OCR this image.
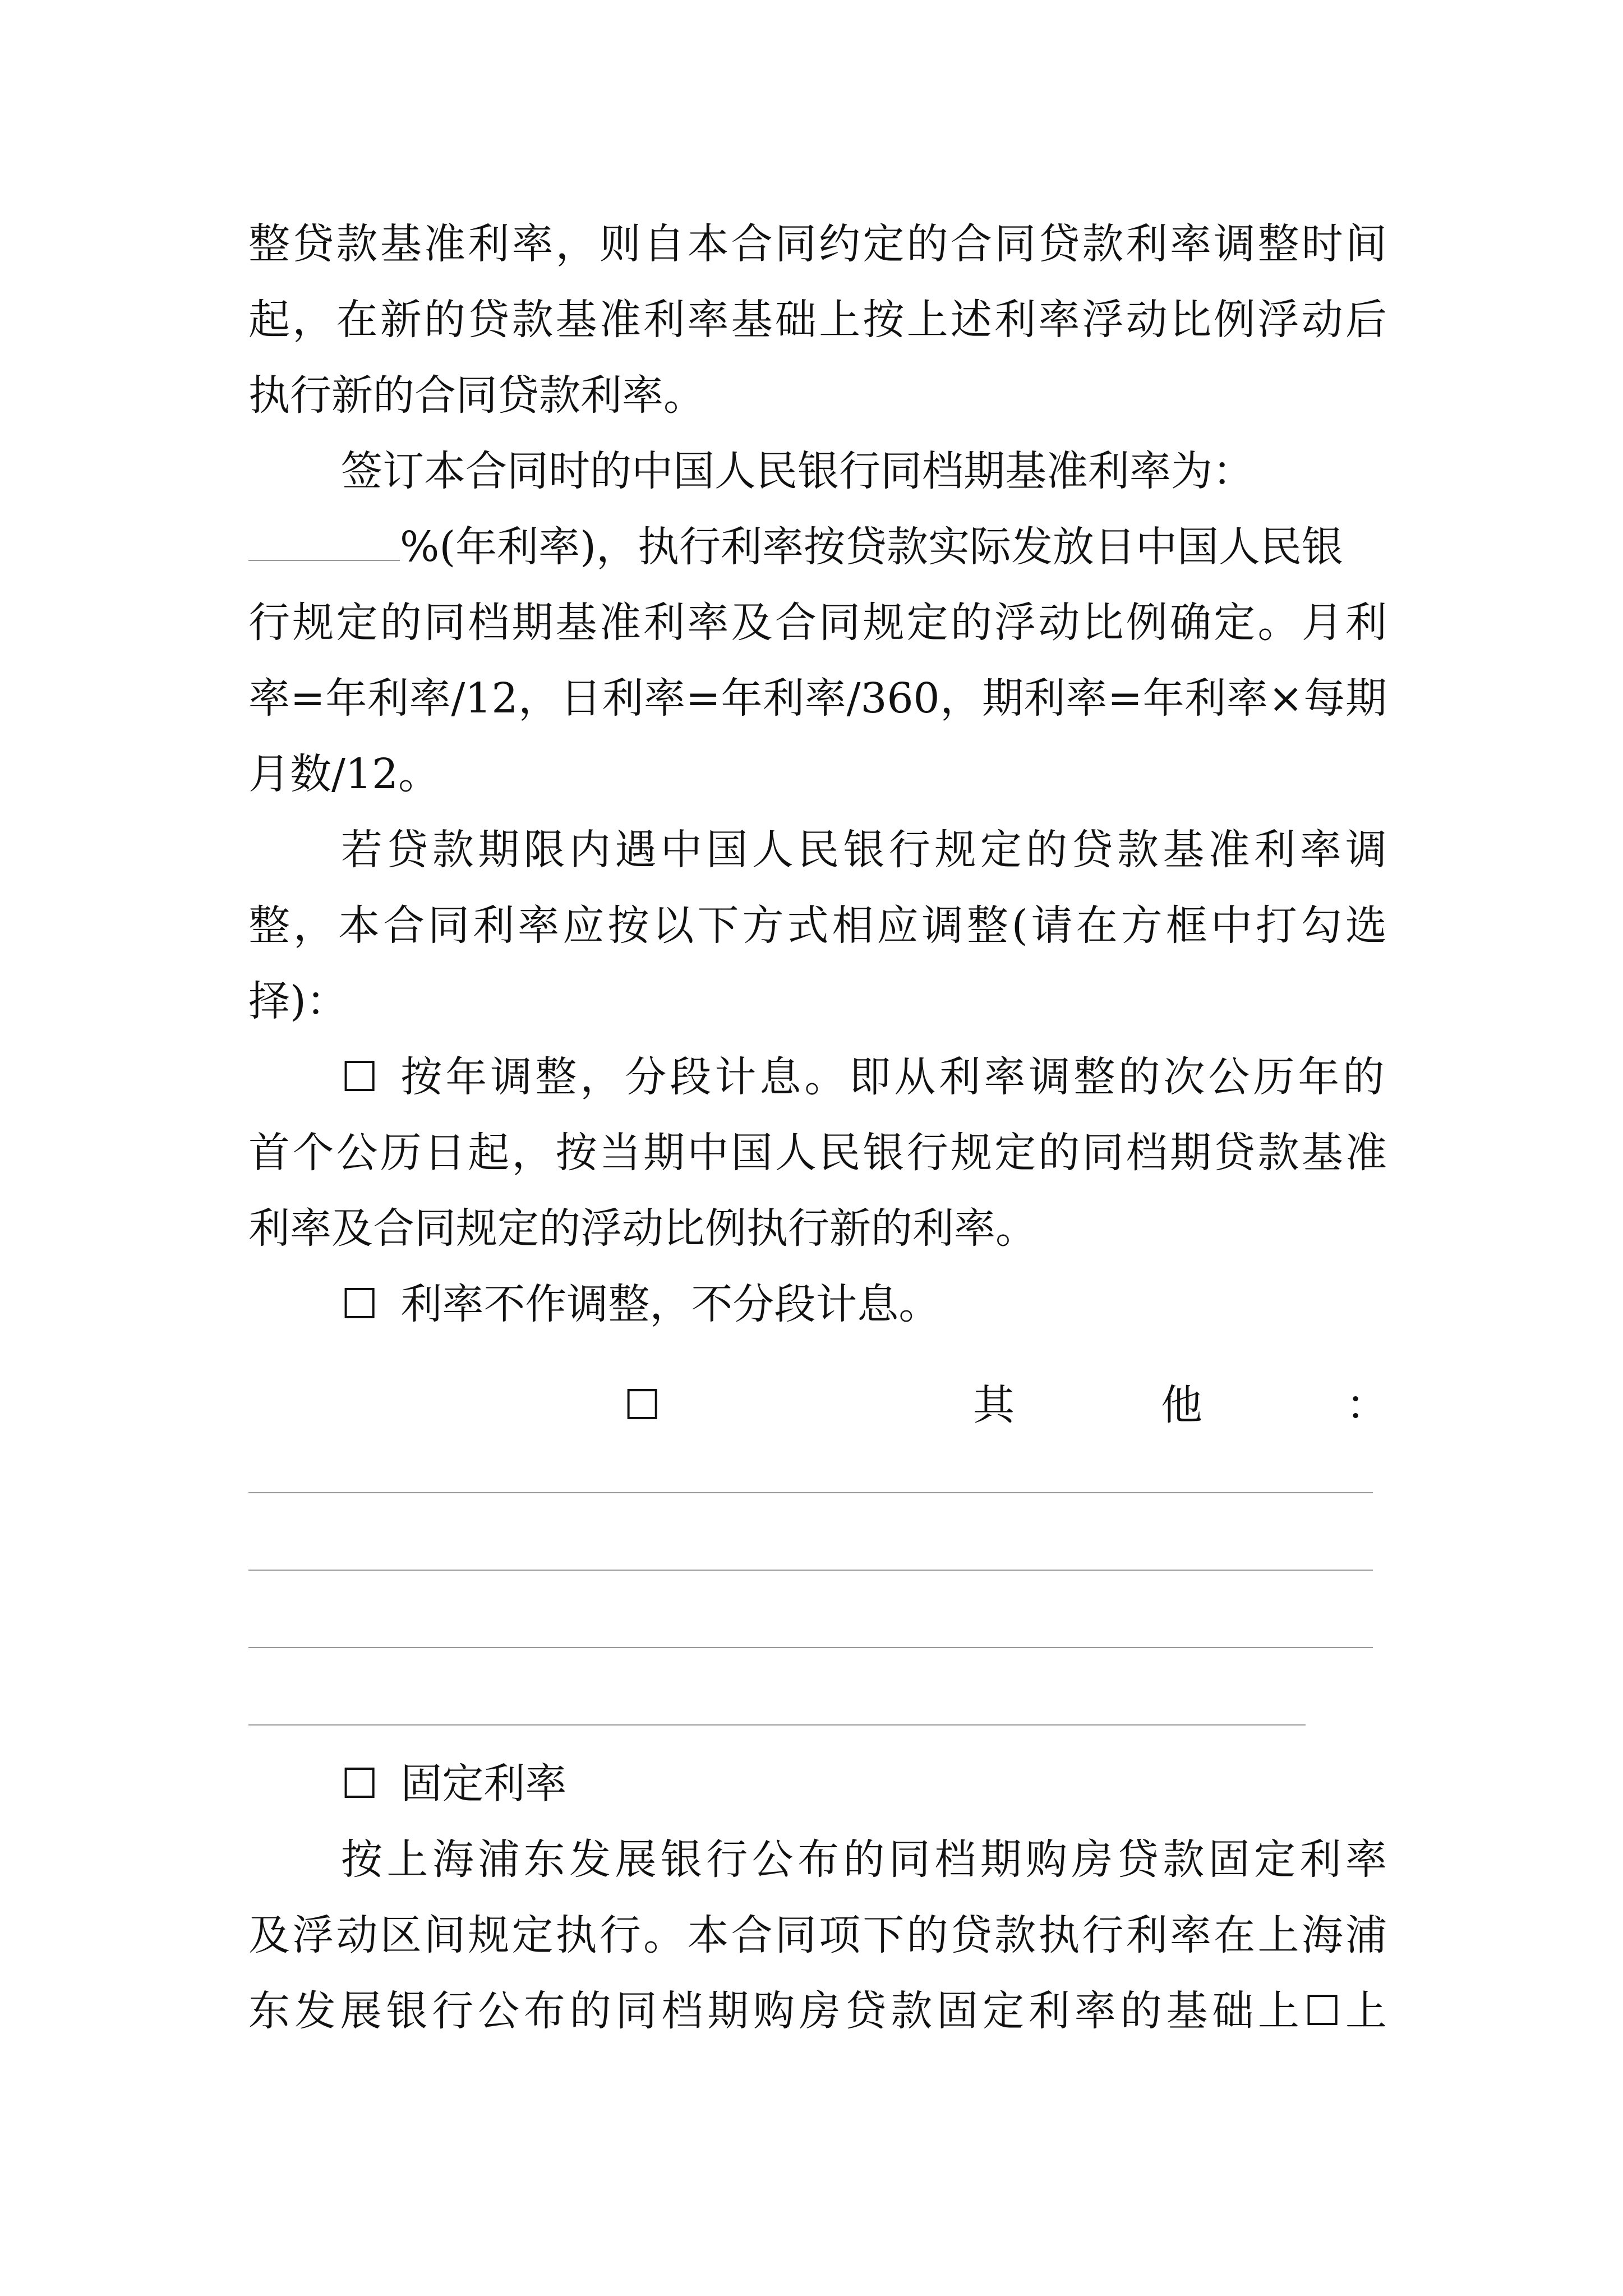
整贷款基准利率，则自本合同约定的合同贷款利率调整时间
起，在新的贷款基准利率基础上按上述利率浮动比例浮动后
执行新的合同贷款利率。
签订本合同时的中国人民银行同档期基准利率为：
%(年利率)，执行利率按贷款实际发放日中国人民银
行规定的同档期基准利率及合同规定的浮动比例确定。月利
率=年利率/12，日利率=年利率/360，期利率=年利率×每期
月数/12。
若贷款期限内遇中国人民银行规定的贷款基准利率调
整，本合同利率应按以下方式相应调整(请在方框中打勾选
择)：
☐ 按年调整，分段计息。即从利率调整的次公历年的
首个公历日起，按当期中国人民银行规定的同档期贷款基准
利率及合同规定的浮动比例执行新的利率。
☐ 利率不作调整，不分段计息。
☐	其	他	：
☐ 固定利率
按上海浦东发展银行公布的同档期购房贷款固定利率
及浮动区间规定执行。本合同项下的贷款执行利率在上海浦
东发展银行公布的同档期购房贷款固定利率的基础上☐上
